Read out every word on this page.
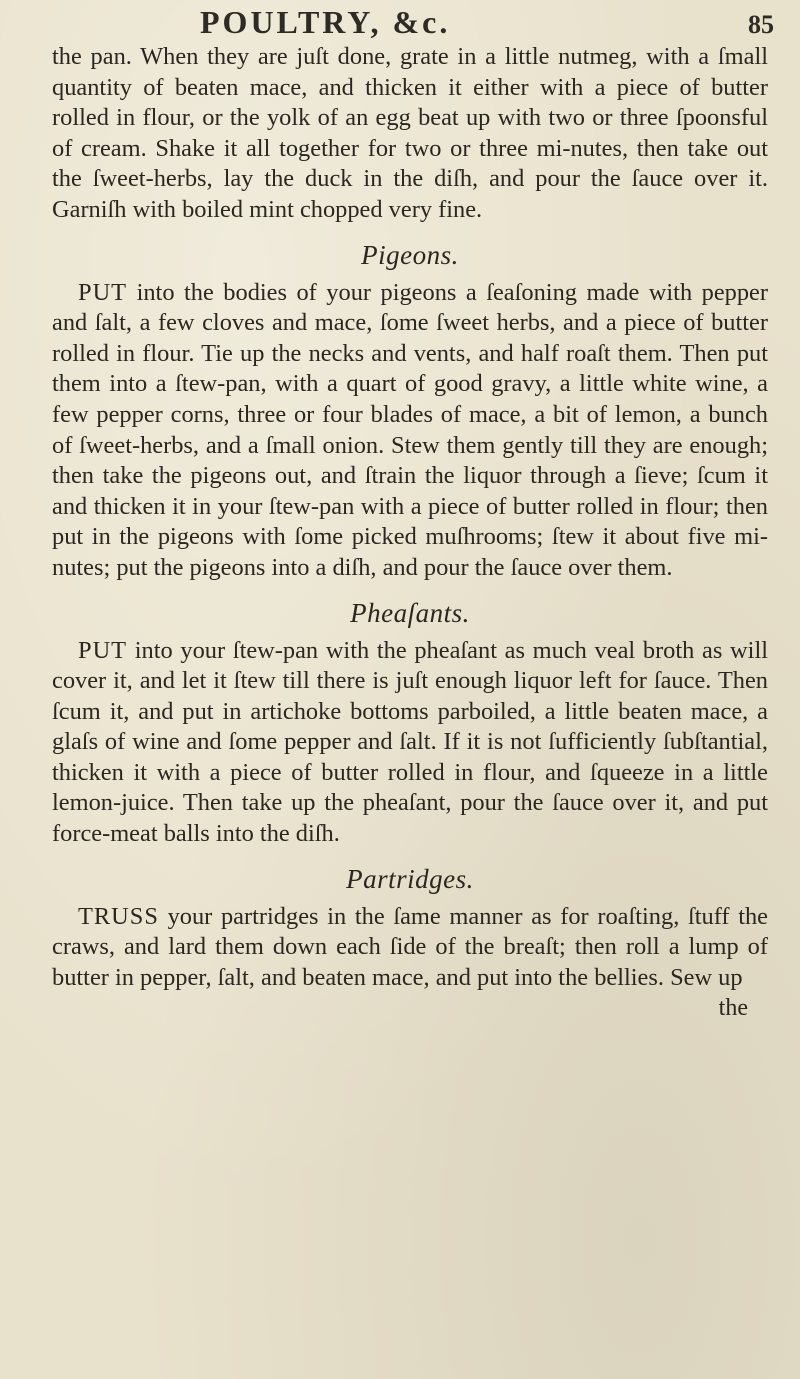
POULTRY, &c.	85

the pan. When they are juſt done, grate in a little nutmeg, with a ſmall quantity of beaten mace, and thicken it either with a piece of butter rolled in flour, or the yolk of an egg beat up with two or three ſpoonsful of cream. Shake it all together for two or three mi-nutes, then take out the ſweet-herbs, lay the duck in the diſh, and pour the ſauce over it. Garniſh with boiled mint chopped very fine.

Pigeons.

PUT into the bodies of your pigeons a ſeaſoning made with pepper and ſalt, a few cloves and mace, ſome ſweet herbs, and a piece of butter rolled in flour. Tie up the necks and vents, and half roaſt them. Then put them into a ſtew-pan, with a quart of good gravy, a little white wine, a few pepper corns, three or four blades of mace, a bit of lemon, a bunch of ſweet-herbs, and a ſmall onion. Stew them gently till they are enough; then take the pigeons out, and ſtrain the liquor through a ſieve; ſcum it and thicken it in your ſtew-pan with a piece of butter rolled in flour; then put in the pigeons with ſome picked muſhrooms; ſtew it about five mi-nutes; put the pigeons into a diſh, and pour the ſauce over them.

Pheaſants.

PUT into your ſtew-pan with the pheaſant as much veal broth as will cover it, and let it ſtew till there is juſt enough liquor left for ſauce. Then ſcum it, and put in artichoke bottoms parboiled, a little beaten mace, a glaſs of wine and ſome pepper and ſalt. If it is not ſufficiently ſubſtantial, thicken it with a piece of butter rolled in flour, and ſqueeze in a little lemon-juice. Then take up the pheaſant, pour the ſauce over it, and put force-meat balls into the diſh.

Partridges.

TRUSS your partridges in the ſame manner as for roaſting, ſtuff the craws, and lard them down each ſide of the breaſt; then roll a lump of butter in pepper, ſalt, and beaten mace, and put into the bellies. Sew up

the
